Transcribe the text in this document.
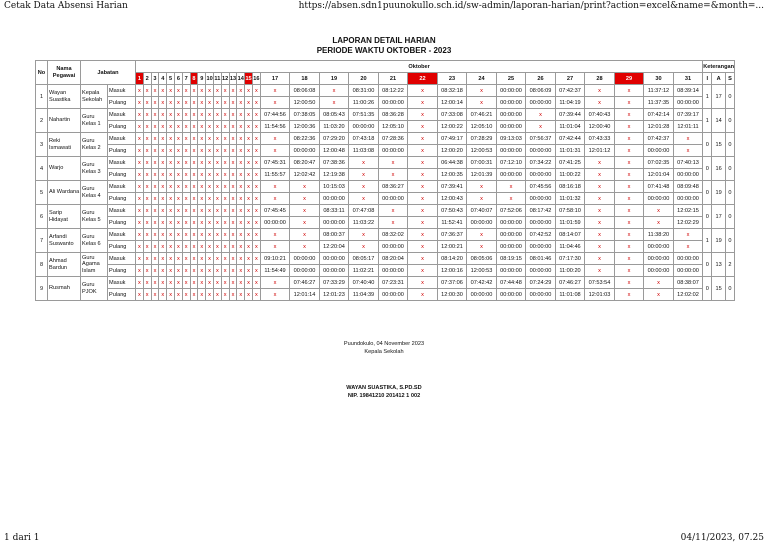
Cetak Data Absensi Harian	https://absen.sdn1puunokullo.sch.id/sw-admin/laporan-harian/print?action=excel&name=&month=...
LAPORAN DETAIL HARIAN
PERIODE WAKTU OKTOBER - 2023
No	Nama Pegawai	Jabatan		Oktober																															Keterangan		
				1	2	3	4	5	6	7	8	9	10	11	12	13	14	15	16	17	18	19	20	21	22	23	24	25	26	27	28	29	30	31	I	A	S
1	Wayan Suastika	Kepala Sekolah	Masuk	x	x	x	x	x	x	x	x	x	x	x	x	x	x	x	x	x	08:06:08	x	08:31:00	08:12:22	x	08:32:18	x	00:00:00	08:06:09	07:42:37	x	x	11:37:12	08:39:14	1	17	0
			Pulang	x	x	x	x	x	x	x	x	x	x	x	x	x	x	x	x	x	12:00:50	x	11:00:26	00:00:00	x	12:00:14	x	00:00:00	00:00:00	11:04:19	x	x	11:37:35	00:00:00			
2	Nahartin	Guru Kelas 1	Masuk	x	x	x	x	x	x	x	x	x	x	x	x	x	x	x	x	07:44:56	07:38:05	08:05:43	07:51:35	08:36:28	x	07:33:08	07:46:21	00:00:00	x	07:39:44	07:40:43	x	07:42:14	07:39:17	1	14	0
			Pulang	x	x	x	x	x	x	x	x	x	x	x	x	x	x	x	x	11:54:56	12:00:36	11:03:20	00:00:00	12:05:10	x	12:00:22	12:05:10	00:00:00	x	11:01:04	12:00:40	x	12:01:28	12:01:11			
3	Reki Ismawati	Guru Kelas 2	Masuk	x	x	x	x	x	x	x	x	x	x	x	x	x	x	x	x	x	08:22:36	07:29:20	07:43:18	07:28:36	x	07:49:17	07:28:29	09:13:03	07:56:37	07:42:44	07:43:33	x	07:42:37	x	0	15	0
			Pulang	x	x	x	x	x	x	x	x	x	x	x	x	x	x	x	x	x	00:00:00	12:00:48	11:03:08	00:00:00	x	12:00:20	12:00:53	00:00:00	00:00:00	11:01:31	12:01:12	x	00:00:00	x			
4	Warjo	Guru Kelas 3	Masuk	x	x	x	x	x	x	x	x	x	x	x	x	x	x	x	x	07:45:31	08:20:47	07:38:36	x	x	x	06:44:38	07:00:31	07:12:10	07:34:22	07:41:25	x	x	07:02:35	07:40:13	0	16	0
			Pulang	x	x	x	x	x	x	x	x	x	x	x	x	x	x	x	x	11:55:57	12:02:42	12:19:38	x	x	x	12:00:35	12:01:39	00:00:00	00:00:00	11:00:22	x	x	12:01:04	00:00:00			
5	Ali Wardana	Guru Kelas 4	Masuk	x	x	x	x	x	x	x	x	x	x	x	x	x	x	x	x	x	x	10:15:03	x	08:36:27	x	07:39:41	x	x	07:45:56	08:16:18	x	x	07:41:48	08:09:48	0	19	0
			Pulang	x	x	x	x	x	x	x	x	x	x	x	x	x	x	x	x	x	x	00:00:00	x	00:00:00	x	12:00:43	x	x	00:00:00	11:01:32	x	x	00:00:00	00:00:00			
6	Sarip Hidayat	Guru Kelas 5	Masuk	x	x	x	x	x	x	x	x	x	x	x	x	x	x	x	x	07:45:45	x	08:33:11	07:47:08	x	x	07:50:43	07:40:07	07:52:06	08:17:42	07:58:10	x	x	x	12:02:15	0	17	0
			Pulang	x	x	x	x	x	x	x	x	x	x	x	x	x	x	x	x	00:00:00	x	00:00:00	11:03:22	x	x	11:52:41	00:00:00	00:00:00	00:00:00	11:01:59	x	x	x	12:02:29			
7	Arfandi Suswanto	Guru Kelas 6	Masuk	x	x	x	x	x	x	x	x	x	x	x	x	x	x	x	x	x	x	08:00:37	x	08:32:02	x	07:36:37	x	00:00:00	07:42:52	08:14:07	x	x	11:38:20	x	1	19	0
			Pulang	x	x	x	x	x	x	x	x	x	x	x	x	x	x	x	x	x	x	12:20:04	x	00:00:00	x	12:00:21	x	00:00:00	00:00:00	11:04:46	x	x	00:00:00	x			
8	Ahmad Bardun	Guru Agama Islam	Masuk	x	x	x	x	x	x	x	x	x	x	x	x	x	x	x	x	09:10:21	00:00:00	00:00:00	08:05:17	08:20:04	x	08:14:20	08:05:06	08:19:15	08:01:46	07:17:30	x	x	00:00:00	00:00:00	0	13	2
			Pulang	x	x	x	x	x	x	x	x	x	x	x	x	x	x	x	x	11:54:49	00:00:00	00:00:00	11:02:21	00:00:00	x	12:00:16	12:00:53	00:00:00	00:00:00	11:00:20	x	x	00:00:00	00:00:00			
9	Rusmah	Guru PJOK	Masuk	x	x	x	x	x	x	x	x	x	x	x	x	x	x	x	x	x	07:46:27	07:33:29	07:40:40	07:23:31	x	07:37:06	07:42:42	07:44:48	07:24:29	07:46:27	07:53:54	x	x	08:38:07	0	15	0
			Pulang	x	x	x	x	x	x	x	x	x	x	x	x	x	x	x	x	x	12:01:14	12:01:23	11:04:39	00:00:00	x	12:00:30	00:00:00	00:00:00	00:00:00	11:01:08	12:01:03	x	x	12:02:02			
Puundokulo, 04 November 2023
Kepala Sekolah
WAYAN SUASTIKA, S.PD.SD
NIP. 19841210 201412 1 002
1 dari 1	04/11/2023, 07.25
